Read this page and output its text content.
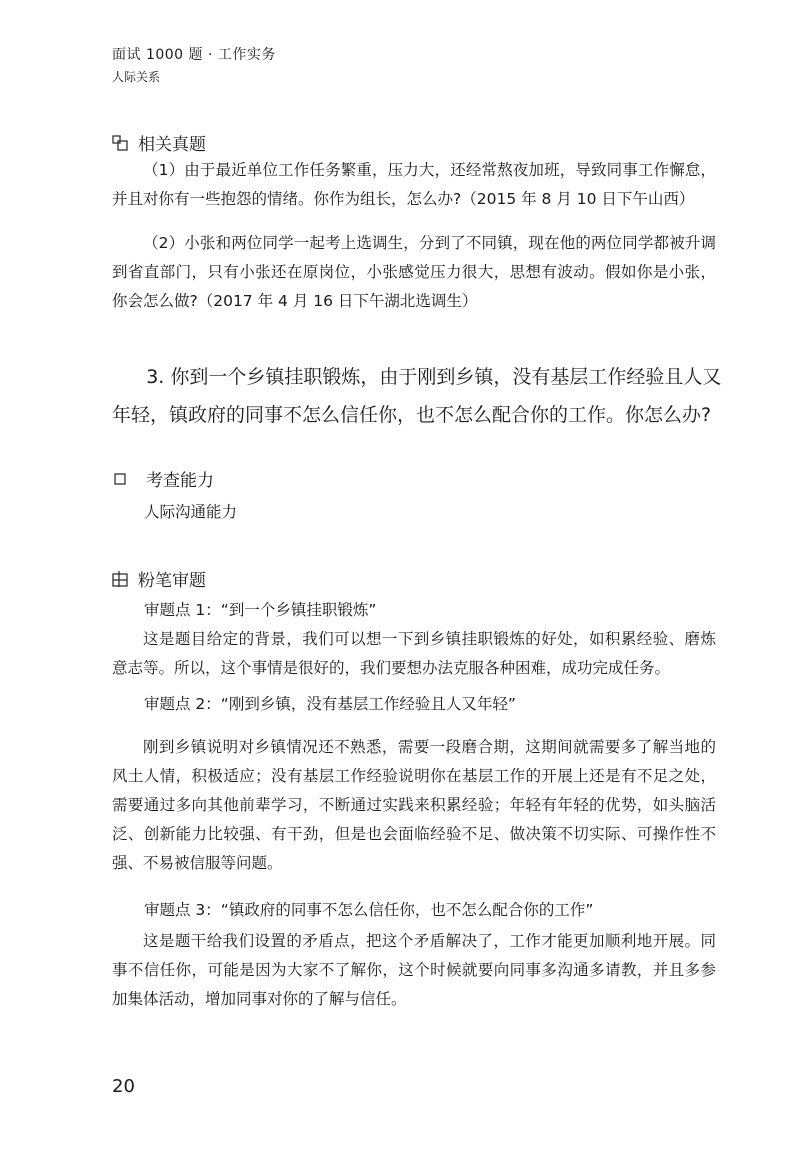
面试 1000 题 · 工作实务
人际关系
相关真题

（1）由于最近单位工作任务繁重，压力大，还经常熬夜加班，导致同事工作懈怠，并且对你有一些抱怨的情绪。你作为组长，怎么办?（2015 年 8 月 10 日下午山西）

（2）小张和两位同学一起考上选调生，分到了不同镇，现在他的两位同学都被升调到省直部门，只有小张还在原岗位，小张感觉压力很大，思想有波动。假如你是小张，你会怎么做?（2017 年 4 月 16 日下午湖北选调生）

3. 你到一个乡镇挂职锻炼，由于刚到乡镇，没有基层工作经验且人又年轻，镇政府的同事不怎么信任你，也不怎么配合你的工作。你怎么办?

考查能力
人际沟通能力
粉笔审题
审题点 1：“到一个乡镇挂职锻炼”

这是题目给定的背景，我们可以想一下到乡镇挂职锻炼的好处，如积累经验、磨炼意志等。所以，这个事情是很好的，我们要想办法克服各种困难，成功完成任务。

审题点 2：“刚到乡镇，没有基层工作经验且人又年轻”

刚到乡镇说明对乡镇情况还不熟悉，需要一段磨合期，这期间就需要多了解当地的风土人情，积极适应；没有基层工作经验说明你在基层工作的开展上还是有不足之处，需要通过多向其他前辈学习，不断通过实践来积累经验；年轻有年轻的优势，如头脑活泛、创新能力比较强、有干劲，但是也会面临经验不足、做决策不切实际、可操作性不强、不易被信服等问题。

审题点 3：“镇政府的同事不怎么信任你，也不怎么配合你的工作”

这是题干给我们设置的矛盾点，把这个矛盾解决了，工作才能更加顺利地开展。同事不信任你，可能是因为大家不了解你，这个时候就要向同事多沟通多请教，并且多参加集体活动，增加同事对你的了解与信任。

20
